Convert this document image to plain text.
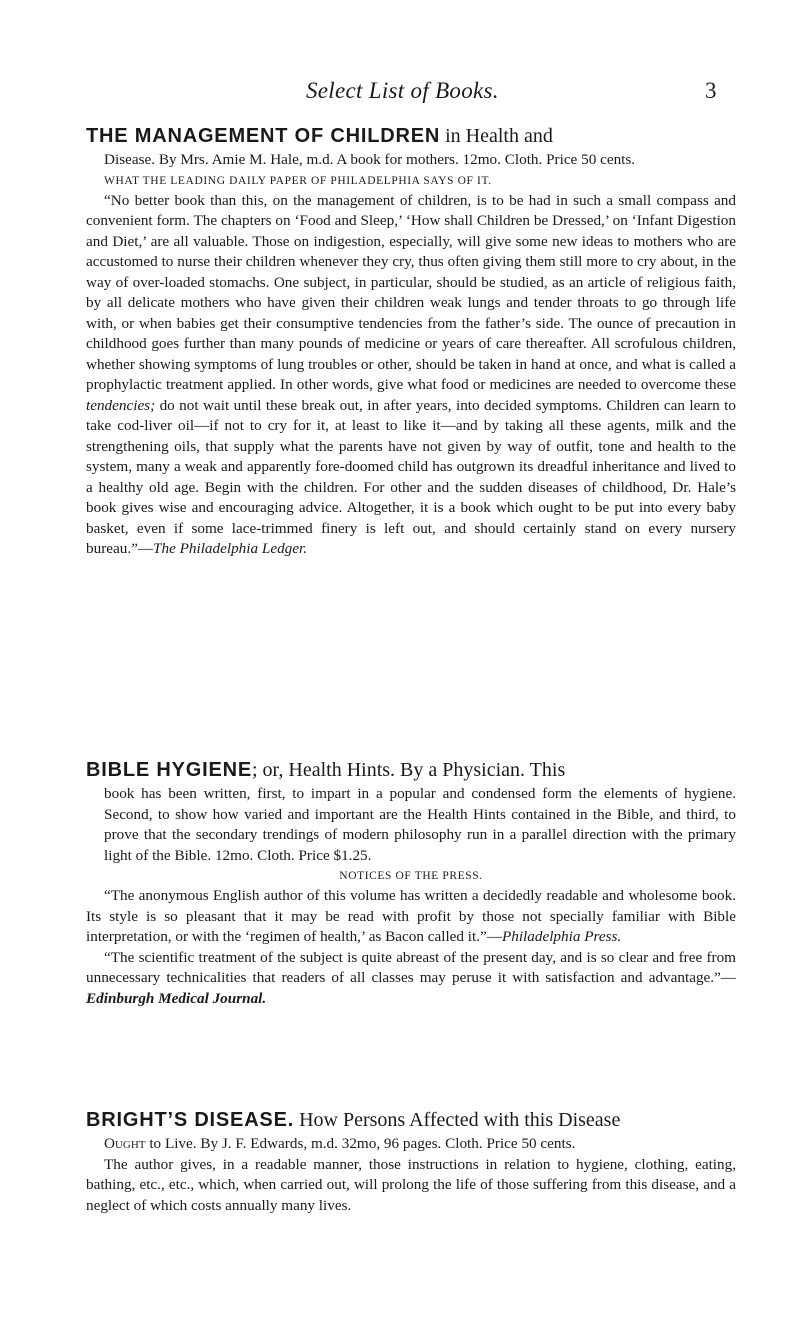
Select List of Books.	3
THE MANAGEMENT OF CHILDREN in Health and
Disease. By Mrs. Amie M. Hale, m.d. A book for mothers. 12mo. Cloth. Price 50 cents.
WHAT THE LEADING DAILY PAPER OF PHILADELPHIA SAYS OF IT.
“No better book than this, on the management of children, is to be had in such a small compass and convenient form. The chapters on ‘Food and Sleep,’ ‘How shall Children be Dressed,’ on ‘Infant Digestion and Diet,’ are all valuable. Those on indigestion, especially, will give some new ideas to mothers who are accustomed to nurse their children whenever they cry, thus often giving them still more to cry about, in the way of over-loaded stomachs. One subject, in particular, should be studied, as an article of religious faith, by all delicate mothers who have given their children weak lungs and tender throats to go through life with, or when babies get their consumptive tendencies from the father’s side. The ounce of precaution in childhood goes further than many pounds of medicine or years of care thereafter. All scrofulous children, whether showing symptoms of lung troubles or other, should be taken in hand at once, and what is called a prophylactic treatment applied. In other words, give what food or medicines are needed to overcome these tendencies; do not wait until these break out, in after years, into decided symptoms. Children can learn to take cod-liver oil—if not to cry for it, at least to like it—and by taking all these agents, milk and the strengthening oils, that supply what the parents have not given by way of outfit, tone and health to the system, many a weak and apparently fore-doomed child has outgrown its dreadful inheritance and lived to a healthy old age. Begin with the children. For other and the sudden diseases of childhood, Dr. Hale’s book gives wise and encouraging advice. Altogether, it is a book which ought to be put into every baby basket, even if some lace-trimmed finery is left out, and should certainly stand on every nursery bureau.”—The Philadelphia Ledger.
BIBLE HYGIENE; or, Health Hints. By a Physician. This
book has been written, first, to impart in a popular and condensed form the elements of hygiene. Second, to show how varied and important are the Health Hints contained in the Bible, and third, to prove that the secondary trendings of modern philosophy run in a parallel direction with the primary light of the Bible. 12mo. Cloth. Price $1.25.
NOTICES OF THE PRESS.
“The anonymous English author of this volume has written a decidedly readable and wholesome book. Its style is so pleasant that it may be read with profit by those not specially familiar with Bible interpretation, or with the ‘regimen of health,’ as Bacon called it.”—Philadelphia Press.
“The scientific treatment of the subject is quite abreast of the present day, and is so clear and free from unnecessary technicalities that readers of all classes may peruse it with satisfaction and advantage.”—Edinburgh Medical Journal.
BRIGHT’S DISEASE. How Persons Affected with this Disease
Ought to Live. By J. F. Edwards, m.d. 32mo, 96 pages. Cloth. Price 50 cents.
The author gives, in a readable manner, those instructions in relation to hygiene, clothing, eating, bathing, etc., etc., which, when carried out, will prolong the life of those suffering from this disease, and a neglect of which costs annually many lives.
